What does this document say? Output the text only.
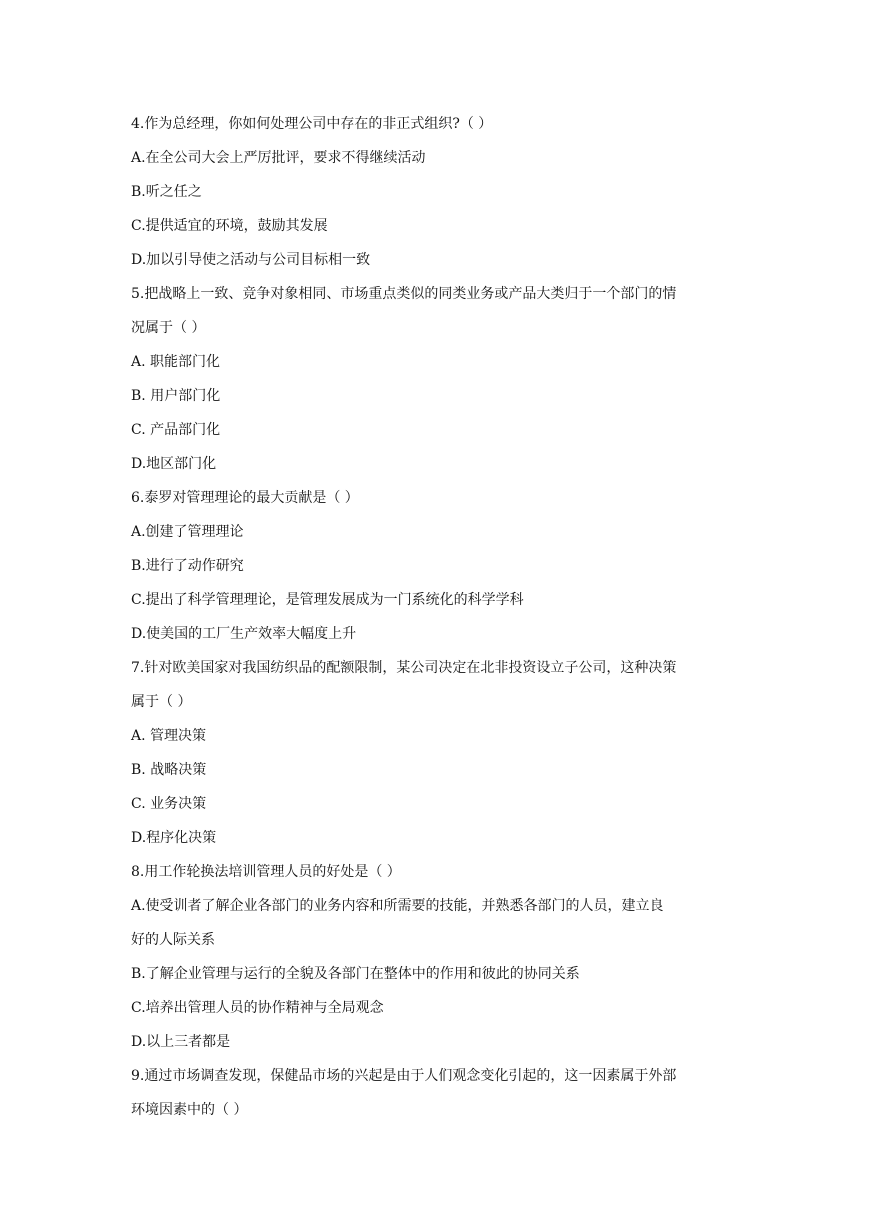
4.作为总经理，你如何处理公司中存在的非正式组织?（ ）
A.在全公司大会上严厉批评，要求不得继续活动
B.听之任之
C.提供适宜的环境，鼓励其发展
D.加以引导使之活动与公司目标相一致
5.把战略上一致、竞争对象相同、市场重点类似的同类业务或产品大类归于一个部门的情
况属于（ ）
A. 职能部门化
B. 用户部门化
C. 产品部门化
D.地区部门化
6.泰罗对管理理论的最大贡献是（ ）
A.创建了管理理论
B.进行了动作研究
C.提出了科学管理理论，是管理发展成为一门系统化的科学学科
D.使美国的工厂生产效率大幅度上升
7.针对欧美国家对我国纺织品的配额限制，某公司决定在北非投资设立子公司，这种决策
属于（ ）
A. 管理决策
B. 战略决策
C. 业务决策
D.程序化决策
8.用工作轮换法培训管理人员的好处是（ ）
A.使受训者了解企业各部门的业务内容和所需要的技能，并熟悉各部门的人员，建立良
好的人际关系
B.了解企业管理与运行的全貌及各部门在整体中的作用和彼此的协同关系
C.培养出管理人员的协作精神与全局观念
D.以上三者都是
9.通过市场调查发现，保健品市场的兴起是由于人们观念变化引起的，这一因素属于外部
环境因素中的（ ）
